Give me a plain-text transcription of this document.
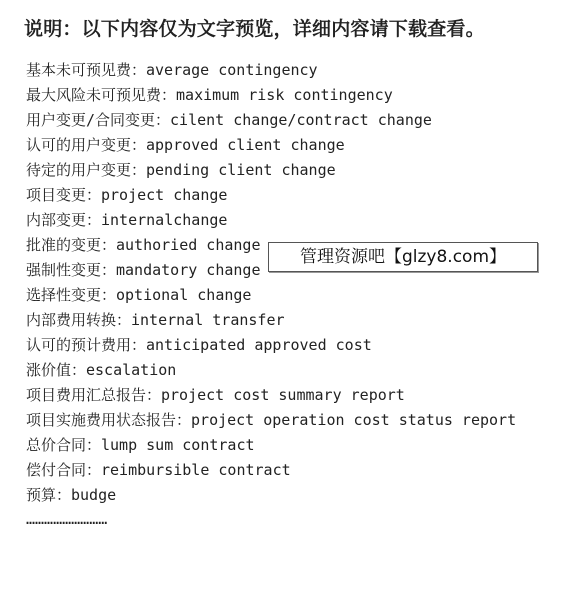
说明：以下内容仅为文字预览，详细内容请下载查看。
基本未可预见费：average contingency
最大风险未可预见费：maximum risk contingency
用户变更/合同变更：cilent change/contract change
认可的用户变更：approved client change
待定的用户变更：pending client change
项目变更：project change
内部变更：internalchange
批准的变更：authoried change
强制性变更：mandatory change
选择性变更：optional change
内部费用转换：internal transfer
认可的预计费用：anticipated approved cost
涨价值：escalation
项目费用汇总报告：project cost summary report
项目实施费用状态报告：project operation cost status report
总价合同：lump sum contract
偿付合同：reimbursible contract
预算：budge
………………………
管理资源吧【glzy8.com】
